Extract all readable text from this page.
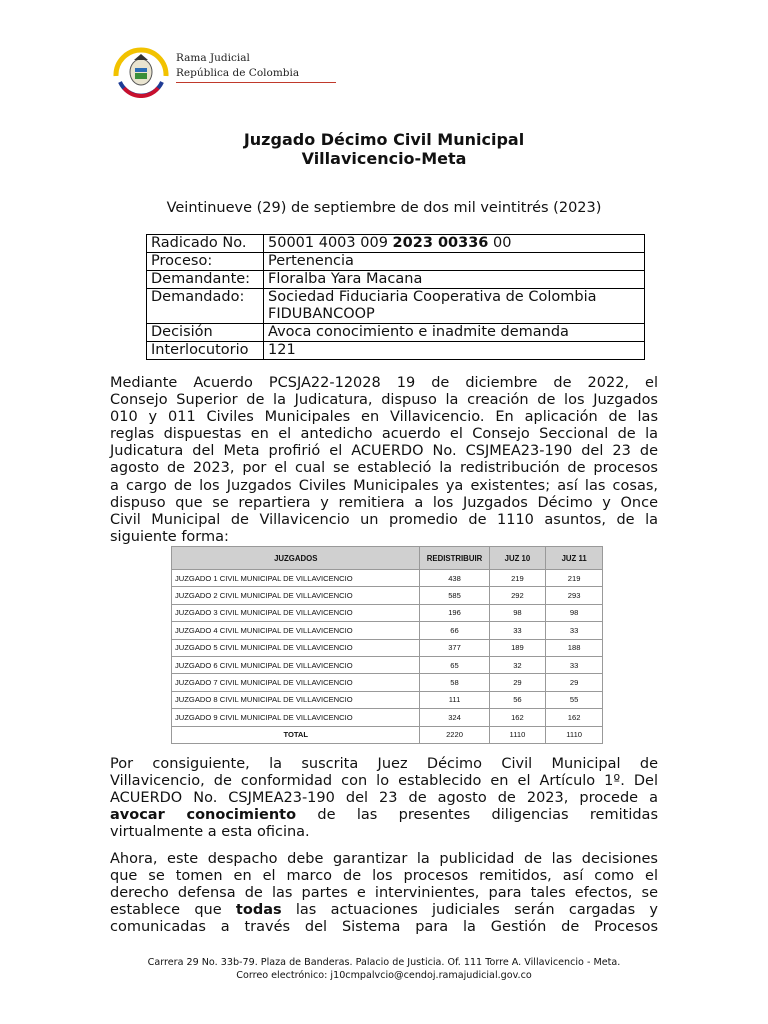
Rama Judicial
República de Colombia
Juzgado Décimo Civil Municipal
Villavicencio-Meta
Veintinueve (29) de septiembre de dos mil veintitrés (2023)
Radicado No.	50001 4003 009 2023 00336 00
Proceso:	Pertenencia
Demandante:	Floralba Yara Macana
Demandado:	Sociedad Fiduciaria Cooperativa de Colombia
FIDUBANCOOP

Decisión	Avoca conocimiento e inadmite demanda
Interlocutorio	121
Mediante Acuerdo PCSJA22-12028 19 de diciembre de 2022, el
Consejo Superior de la Judicatura, dispuso la creación de los Juzgados
010 y 011 Civiles Municipales en Villavicencio. En aplicación de las
reglas dispuestas en el antedicho acuerdo el Consejo Seccional de la
Judicatura del Meta profirió el ACUERDO No. CSJMEA23-190 del 23 de
agosto de 2023, por el cual se estableció la redistribución de procesos
a cargo de los Juzgados Civiles Municipales ya existentes; así las cosas,
dispuso que se repartiera y remitiera a los Juzgados Décimo y Once
Civil Municipal de Villavicencio un promedio de 1110 asuntos, de la
siguiente forma:
JUZGADOS	REDISTRIBUIR	JUZ 10	JUZ 11
JUZGADO 1 CIVIL MUNICIPAL DE VILLAVICENCIO	438	219	219
JUZGADO 2 CIVIL MUNICIPAL DE VILLAVICENCIO	585	292	293
JUZGADO 3 CIVIL MUNICIPAL DE VILLAVICENCIO	196	98	98
JUZGADO 4 CIVIL MUNICIPAL DE VILLAVICENCIO	66	33	33
JUZGADO 5 CIVIL MUNICIPAL DE VILLAVICENCIO	377	189	188
JUZGADO 6 CIVIL MUNICIPAL DE VILLAVICENCIO	65	32	33
JUZGADO 7 CIVIL MUNICIPAL DE VILLAVICENCIO	58	29	29
JUZGADO 8 CIVIL MUNICIPAL DE VILLAVICENCIO	111	56	55
JUZGADO 9 CIVIL MUNICIPAL DE VILLAVICENCIO	324	162	162
TOTAL	2220	1110	1110
Por consiguiente, la suscrita Juez Décimo Civil Municipal de
Villavicencio, de conformidad con lo establecido en el Artículo 1º. Del
ACUERDO No. CSJMEA23-190 del 23 de agosto de 2023, procede a
avocar conocimiento de las presentes diligencias remitidas
virtualmente a esta oficina.
Ahora, este despacho debe garantizar la publicidad de las decisiones
que se tomen en el marco de los procesos remitidos, así como el
derecho defensa de las partes e intervinientes, para tales efectos, se
establece que todas las actuaciones judiciales serán cargadas y
comunicadas a través del Sistema para la Gestión de Procesos
Carrera 29 No. 33b-79. Plaza de Banderas. Palacio de Justicia. Of. 111 Torre A. Villavicencio - Meta.
Correo electrónico: j10cmpalvcio@cendoj.ramajudicial.gov.co
